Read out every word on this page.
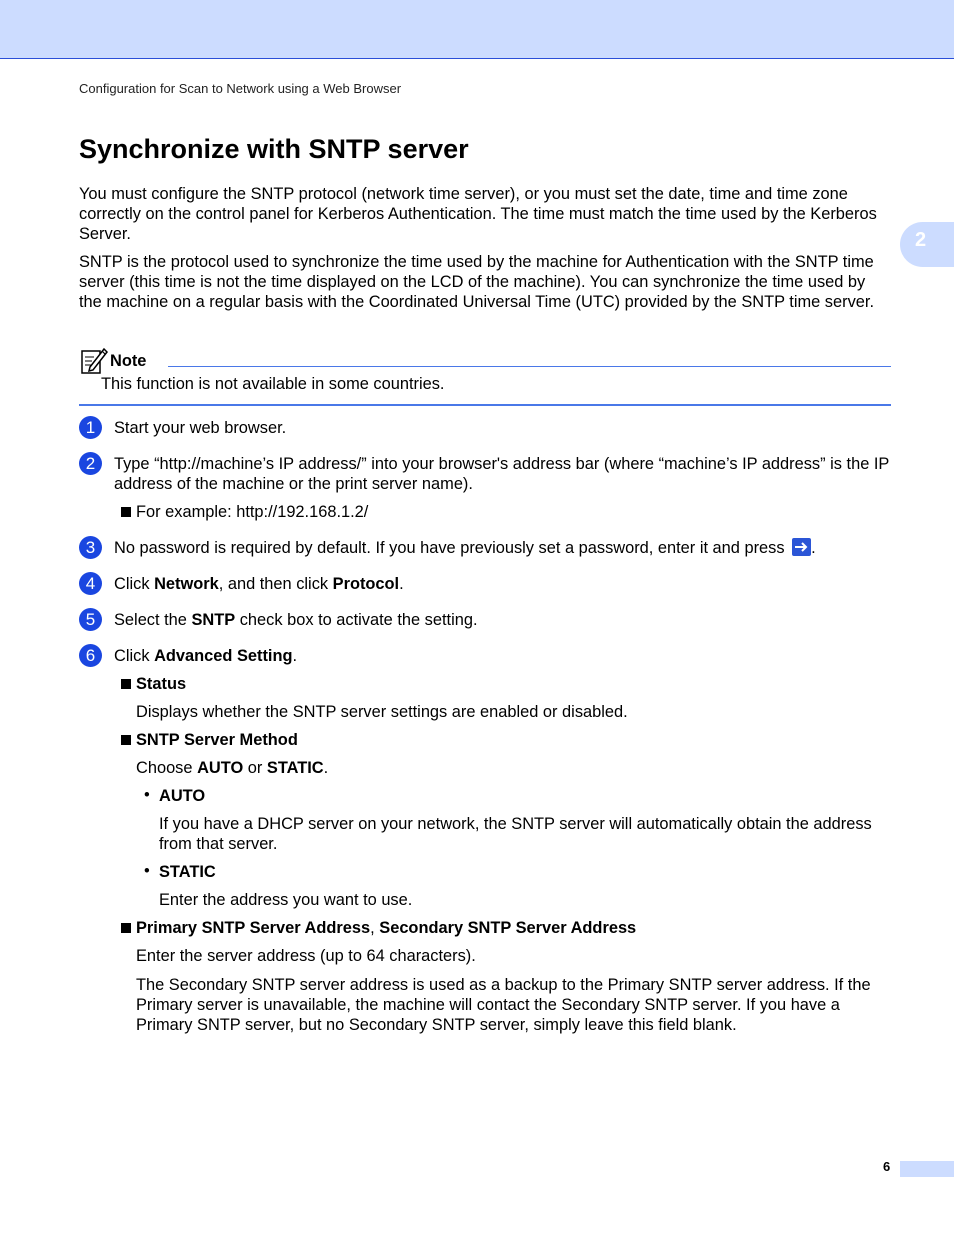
Configuration for Scan to Network using a Web Browser
2
Synchronize with SNTP server

You must configure the SNTP protocol (network time server), or you must set the date, time and time zone correctly on the control panel for Kerberos Authentication. The time must match the time used by the Kerberos Server.

SNTP is the protocol used to synchronize the time used by the machine for Authentication with the SNTP time server (this time is not the time displayed on the LCD of the machine). You can synchronize the time used by the machine on a regular basis with the Coordinated Universal Time (UTC) provided by the SNTP time server.

Note
This function is not available in some countries.
1	Start your web browser.

2	Type “http://machine’s IP address/” into your browser's address bar (where “machine’s IP address” is the IP address of the machine or the print server name).

For example: http://192.168.1.2/

3	No password is required by default. If you have previously set a password, enter it and press .

4	Click Network, and then click Protocol.

5	Select the SNTP check box to activate the setting.

6	Click Advanced Setting.

Status

Displays whether the SNTP server settings are enabled or disabled.

SNTP Server Method

Choose AUTO or STATIC.

• AUTO

If you have a DHCP server on your network, the SNTP server will automatically obtain the address from that server.

• STATIC

Enter the address you want to use.

Primary SNTP Server Address, Secondary SNTP Server Address

Enter the server address (up to 64 characters).

The Secondary SNTP server address is used as a backup to the Primary SNTP server address. If the Primary server is unavailable, the machine will contact the Secondary SNTP server. If you have a Primary SNTP server, but no Secondary SNTP server, simply leave this field blank.

6
